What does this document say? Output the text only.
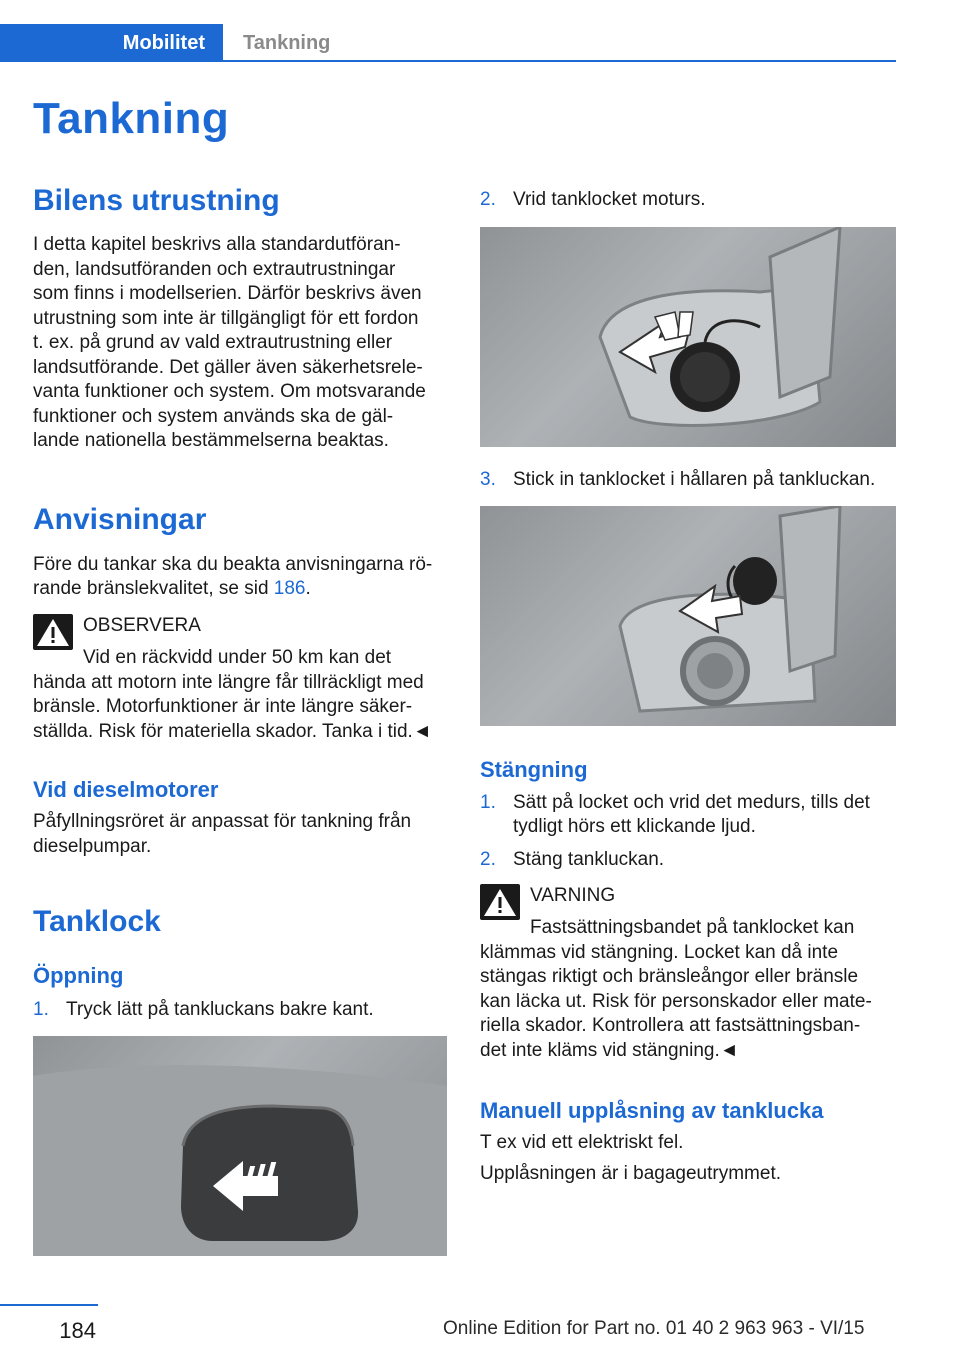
Mobilitet	Tankning
Tankning
Bilens utrustning
I detta kapitel beskrivs alla standardutföran-
den, landsutföranden och extrautrustningar
som finns i modellserien. Därför beskrivs även
utrustning som inte är tillgängligt för ett fordon
t. ex. på grund av vald extrautrustning eller
landsutförande. Det gäller även säkerhetsrele-
vanta funktioner och system. Om motsvarande
funktioner och system används ska de gäl-
lande nationella bestämmelserna beaktas.
Anvisningar
Före du tankar ska du beakta anvisningarna rö-
rande bränslekvalitet, se sid 186.
OBSERVERA
Vid en räckvidd under 50 km kan det
hända att motorn inte längre får tillräckligt med
bränsle. Motorfunktioner är inte längre säker-
ställda. Risk för materiella skador. Tanka i tid.◄
Vid dieselmotorer
Påfyllningsröret är anpassat för tankning från
dieselpumpar.
Tanklock
Öppning
1. Tryck lätt på tankluckans bakre kant.
2. Vrid tanklocket moturs.
3. Stick in tanklocket i hållaren på tankluckan.
Stängning
1. Sätt på locket och vrid det medurs, tills det
tydligt hörs ett klickande ljud.
2. Stäng tankluckan.
VARNING
Fastsättningsbandet på tanklocket kan
klämmas vid stängning. Locket kan då inte
stängas riktigt och bränsleångor eller bränsle
kan läcka ut. Risk för personskador eller mate-
riella skador. Kontrollera att fastsättningsban-
det inte kläms vid stängning.◄
Manuell upplåsning av tanklucka
T ex vid ett elektriskt fel.
Upplåsningen är i bagageutrymmet.
184	Online Edition for Part no. 01 40 2 963 963 - VI/15
